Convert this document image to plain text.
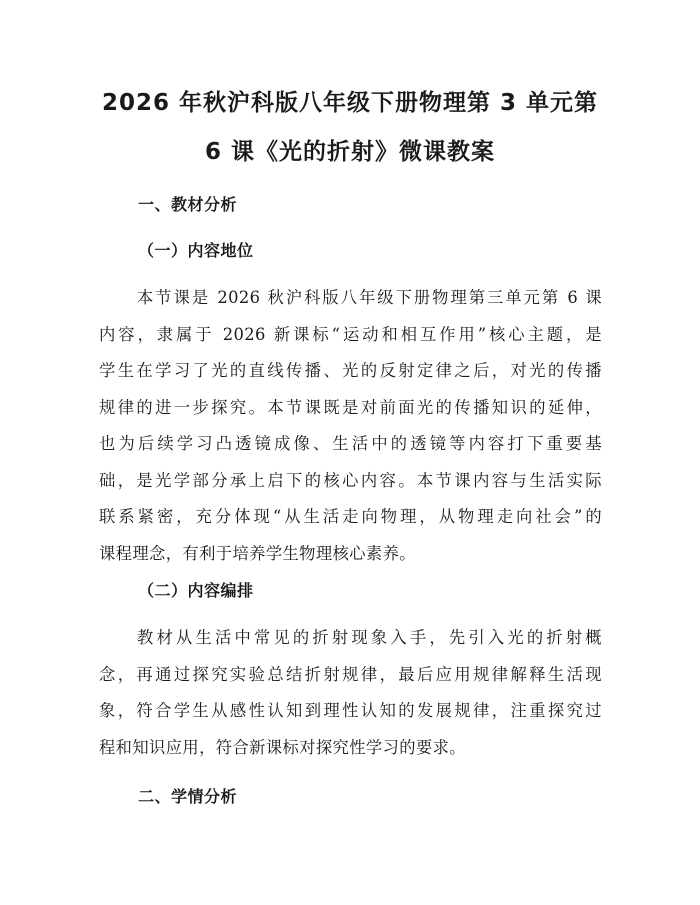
2026 年秋沪科版八年级下册物理第 3 单元第
6 课《光的折射》微课教案
一、教材分析
（一）内容地位
本节课是 2026 秋沪科版八年级下册物理第三单元第 6 课
内容，隶属于 2026 新课标“运动和相互作用”核心主题，是
学生在学习了光的直线传播、光的反射定律之后，对光的传播
规律的进一步探究。本节课既是对前面光的传播知识的延伸，
也为后续学习凸透镜成像、生活中的透镜等内容打下重要基
础，是光学部分承上启下的核心内容。本节课内容与生活实际
联系紧密，充分体现“从生活走向物理，从物理走向社会”的
课程理念，有利于培养学生物理核心素养。
（二）内容编排
教材从生活中常见的折射现象入手，先引入光的折射概
念，再通过探究实验总结折射规律，最后应用规律解释生活现
象，符合学生从感性认知到理性认知的发展规律，注重探究过
程和知识应用，符合新课标对探究性学习的要求。
二、学情分析
